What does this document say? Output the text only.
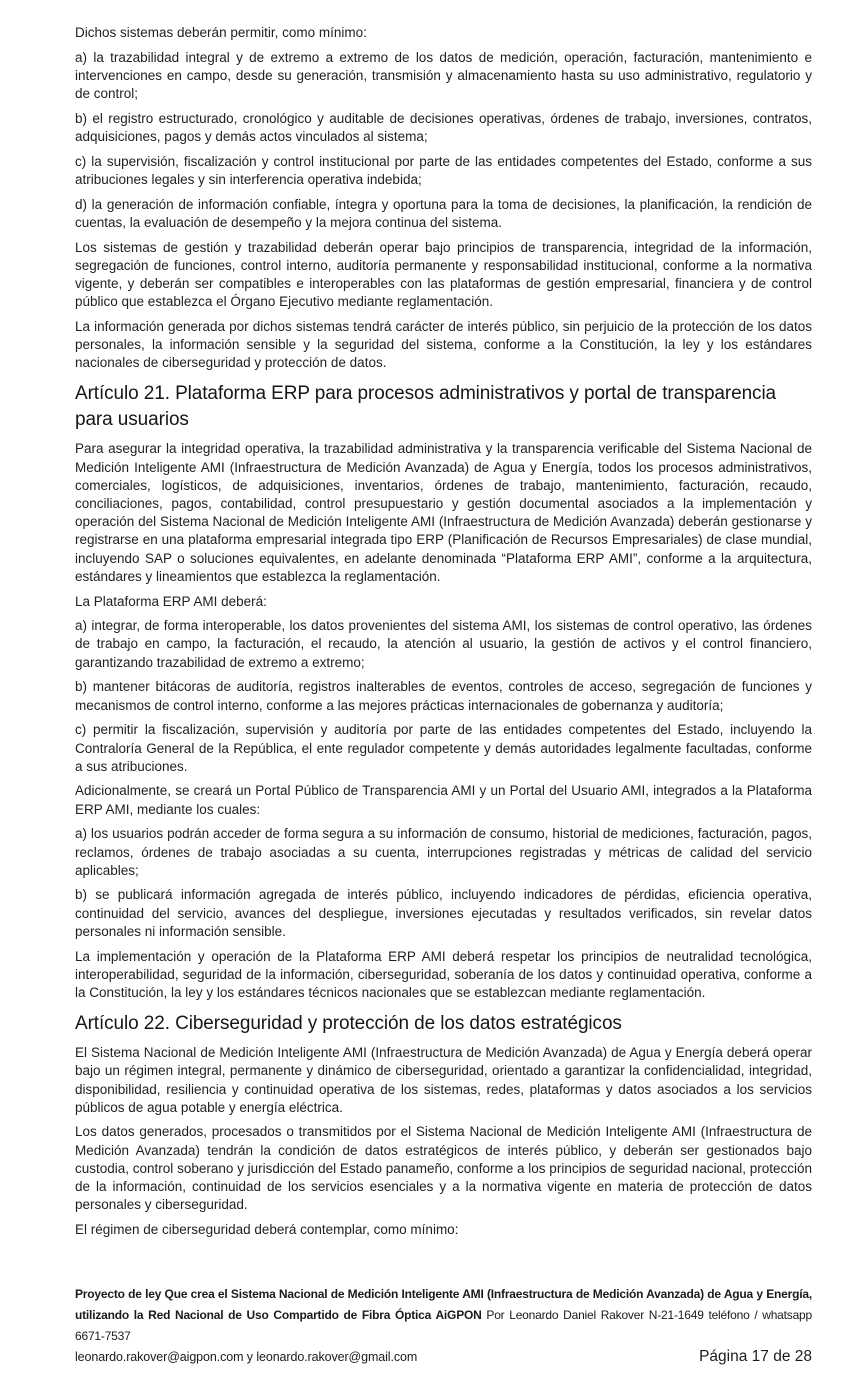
Dichos sistemas deberán permitir, como mínimo:

a) la trazabilidad integral y de extremo a extremo de los datos de medición, operación, facturación, mantenimiento e intervenciones en campo, desde su generación, transmisión y almacenamiento hasta su uso administrativo, regulatorio y de control;

b) el registro estructurado, cronológico y auditable de decisiones operativas, órdenes de trabajo, inversiones, contratos, adquisiciones, pagos y demás actos vinculados al sistema;

c) la supervisión, fiscalización y control institucional por parte de las entidades competentes del Estado, conforme a sus atribuciones legales y sin interferencia operativa indebida;

d) la generación de información confiable, íntegra y oportuna para la toma de decisiones, la planificación, la rendición de cuentas, la evaluación de desempeño y la mejora continua del sistema.

Los sistemas de gestión y trazabilidad deberán operar bajo principios de transparencia, integridad de la información, segregación de funciones, control interno, auditoría permanente y responsabilidad institucional, conforme a la normativa vigente, y deberán ser compatibles e interoperables con las plataformas de gestión empresarial, financiera y de control público que establezca el Órgano Ejecutivo mediante reglamentación.

La información generada por dichos sistemas tendrá carácter de interés público, sin perjuicio de la protección de los datos personales, la información sensible y la seguridad del sistema, conforme a la Constitución, la ley y los estándares nacionales de ciberseguridad y protección de datos.

Artículo 21. Plataforma ERP para procesos administrativos y portal de transparencia para usuarios

Para asegurar la integridad operativa, la trazabilidad administrativa y la transparencia verificable del Sistema Nacional de Medición Inteligente AMI (Infraestructura de Medición Avanzada) de Agua y Energía, todos los procesos administrativos, comerciales, logísticos, de adquisiciones, inventarios, órdenes de trabajo, mantenimiento, facturación, recaudo, conciliaciones, pagos, contabilidad, control presupuestario y gestión documental asociados a la implementación y operación del Sistema Nacional de Medición Inteligente AMI (Infraestructura de Medición Avanzada) deberán gestionarse y registrarse en una plataforma empresarial integrada tipo ERP (Planificación de Recursos Empresariales) de clase mundial, incluyendo SAP o soluciones equivalentes, en adelante denominada “Plataforma ERP AMI”, conforme a la arquitectura, estándares y lineamientos que establezca la reglamentación.

La Plataforma ERP AMI deberá:

a) integrar, de forma interoperable, los datos provenientes del sistema AMI, los sistemas de control operativo, las órdenes de trabajo en campo, la facturación, el recaudo, la atención al usuario, la gestión de activos y el control financiero, garantizando trazabilidad de extremo a extremo;

b) mantener bitácoras de auditoría, registros inalterables de eventos, controles de acceso, segregación de funciones y mecanismos de control interno, conforme a las mejores prácticas internacionales de gobernanza y auditoría;

c) permitir la fiscalización, supervisión y auditoría por parte de las entidades competentes del Estado, incluyendo la Contraloría General de la República, el ente regulador competente y demás autoridades legalmente facultadas, conforme a sus atribuciones.

Adicionalmente, se creará un Portal Público de Transparencia AMI y un Portal del Usuario AMI, integrados a la Plataforma ERP AMI, mediante los cuales:

a) los usuarios podrán acceder de forma segura a su información de consumo, historial de mediciones, facturación, pagos, reclamos, órdenes de trabajo asociadas a su cuenta, interrupciones registradas y métricas de calidad del servicio aplicables;

b) se publicará información agregada de interés público, incluyendo indicadores de pérdidas, eficiencia operativa, continuidad del servicio, avances del despliegue, inversiones ejecutadas y resultados verificados, sin revelar datos personales ni información sensible.

La implementación y operación de la Plataforma ERP AMI deberá respetar los principios de neutralidad tecnológica, interoperabilidad, seguridad de la información, ciberseguridad, soberanía de los datos y continuidad operativa, conforme a la Constitución, la ley y los estándares técnicos nacionales que se establezcan mediante reglamentación.

Artículo 22. Ciberseguridad y protección de los datos estratégicos

El Sistema Nacional de Medición Inteligente AMI (Infraestructura de Medición Avanzada) de Agua y Energía deberá operar bajo un régimen integral, permanente y dinámico de ciberseguridad, orientado a garantizar la confidencialidad, integridad, disponibilidad, resiliencia y continuidad operativa de los sistemas, redes, plataformas y datos asociados a los servicios públicos de agua potable y energía eléctrica.

Los datos generados, procesados o transmitidos por el Sistema Nacional de Medición Inteligente AMI (Infraestructura de Medición Avanzada) tendrán la condición de datos estratégicos de interés público, y deberán ser gestionados bajo custodia, control soberano y jurisdicción del Estado panameño, conforme a los principios de seguridad nacional, protección de la información, continuidad de los servicios esenciales y a la normativa vigente en materia de protección de datos personales y ciberseguridad.

El régimen de ciberseguridad deberá contemplar, como mínimo:

Proyecto de ley Que crea el Sistema Nacional de Medición Inteligente AMI (Infraestructura de Medición Avanzada) de Agua y Energía, utilizando la Red Nacional de Uso Compartido de Fibra Óptica AiGPON Por Leonardo Daniel Rakover N-21-1649 teléfono / whatsapp 6671-7537

leonardo.rakover@aigpon.com y leonardo.rakover@gmail.com	Página 17 de 28
